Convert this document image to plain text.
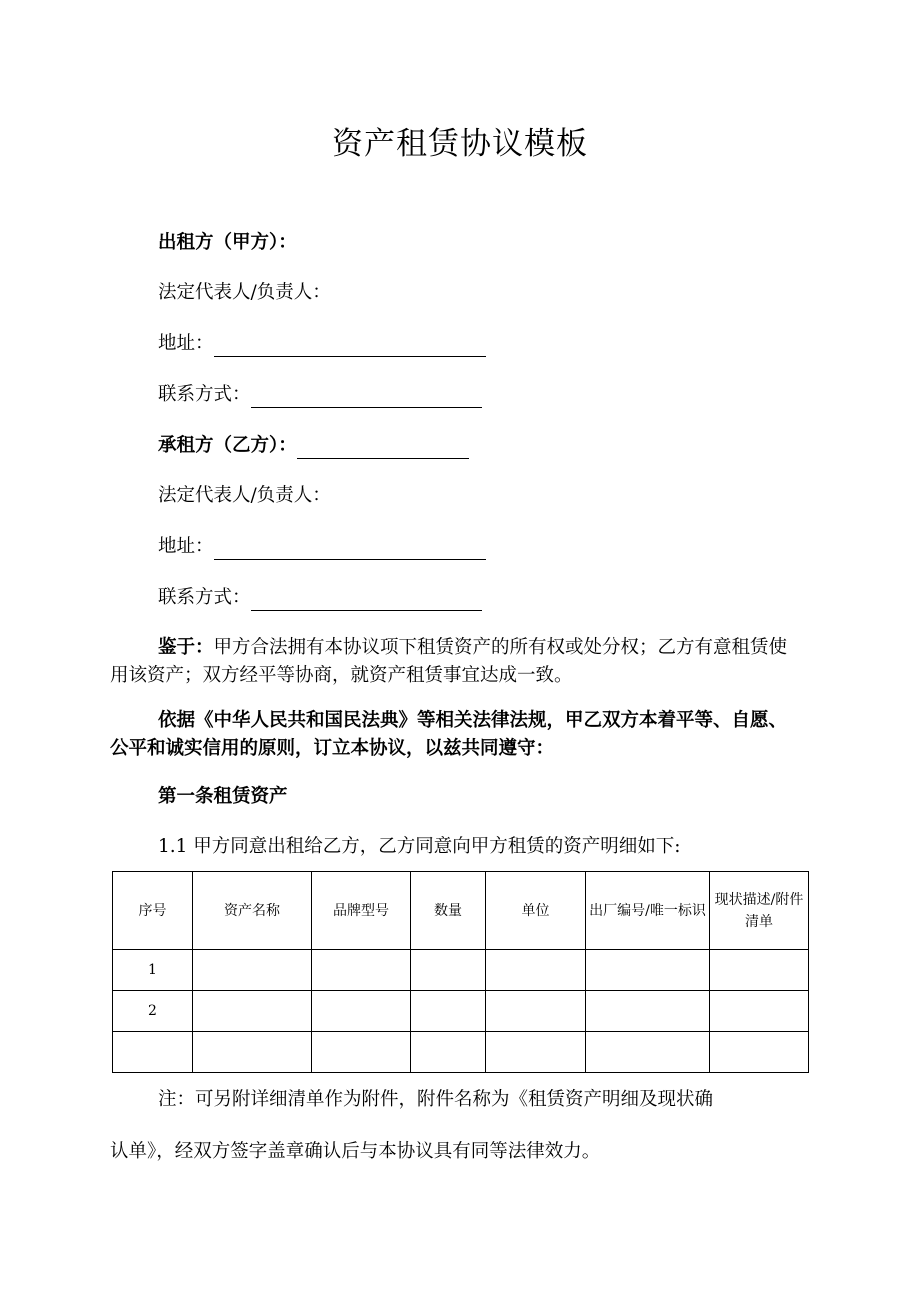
资产租赁协议模板
出租方（甲方）：
法定代表人/负责人：
地址：
联系方式：
承租方（乙方）：
法定代表人/负责人：
地址：
联系方式：
鉴于：甲方合法拥有本协议项下租赁资产的所有权或处分权；乙方有意租赁使用该资产；双方经平等协商，就资产租赁事宜达成一致。
依据《中华人民共和国民法典》等相关法律法规，甲乙双方本着平等、自愿、公平和诚实信用的原则，订立本协议，以兹共同遵守：
第一条租赁资产
1.1 甲方同意出租给乙方，乙方同意向甲方租赁的资产明细如下:
序号	资产名称	品牌型号	数量	单位	出厂编号/唯一标识	现状描述/附件清单
1						
2						

注：可另附详细清单作为附件，附件名称为《租赁资产明细及现状确
认单》，经双方签字盖章确认后与本协议具有同等法律效力。
